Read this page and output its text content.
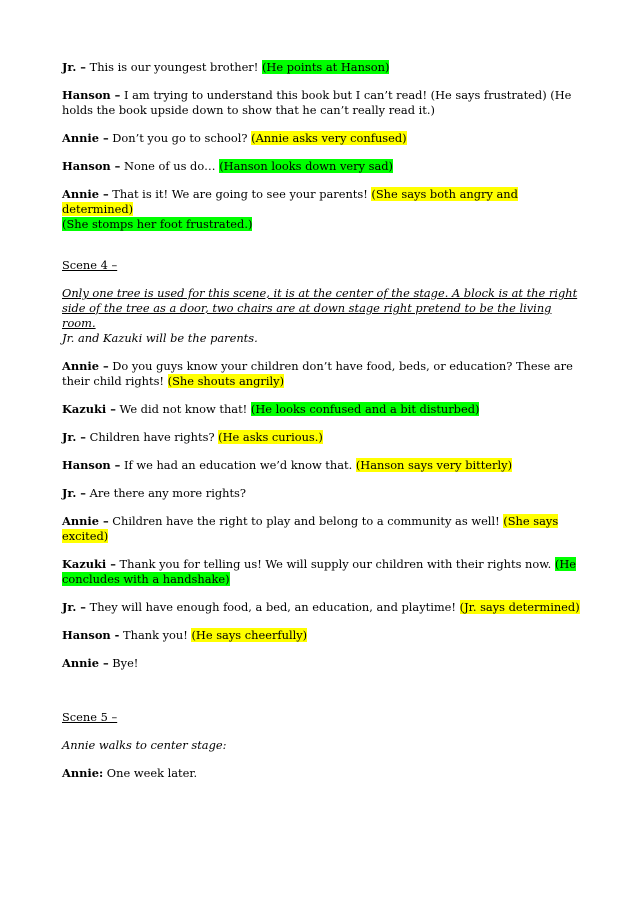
Jr. – This is our youngest brother! (He points at Hanson)

Hanson – I am trying to understand this book but I can’t read! (He says frustrated) (He holds the book upside down to show that he can’t really read it.)

Annie – Don’t you go to school? (Annie asks very confused)

Hanson – None of us do… (Hanson looks down very sad)

Annie – That is it! We are going to see your parents! (She says both angry and determined)
(She stomps her foot frustrated.)

Scene 4 –

Only one tree is used for this scene, it is at the center of the stage. A block is at the right side of the tree as a door, two chairs are at down stage right pretend to be the living room.
Jr. and Kazuki will be the parents.

Annie – Do you guys know your children don’t have food, beds, or education? These are their child rights! (She shouts angrily)

Kazuki – We did not know that! (He looks confused and a bit disturbed)

Jr. – Children have rights? (He asks curious.)

Hanson – If we had an education we’d know that. (Hanson says very bitterly)

Jr. – Are there any more rights?

Annie – Children have the right to play and belong to a community as well! (She says excited)

Kazuki – Thank you for telling us! We will supply our children with their rights now. (He concludes with a handshake)

Jr. – They will have enough food, a bed, an education, and playtime! (Jr. says determined)

Hanson - Thank you! (He says cheerfully)

Annie – Bye!

Scene 5 –

Annie walks to center stage:

Annie: One week later.
